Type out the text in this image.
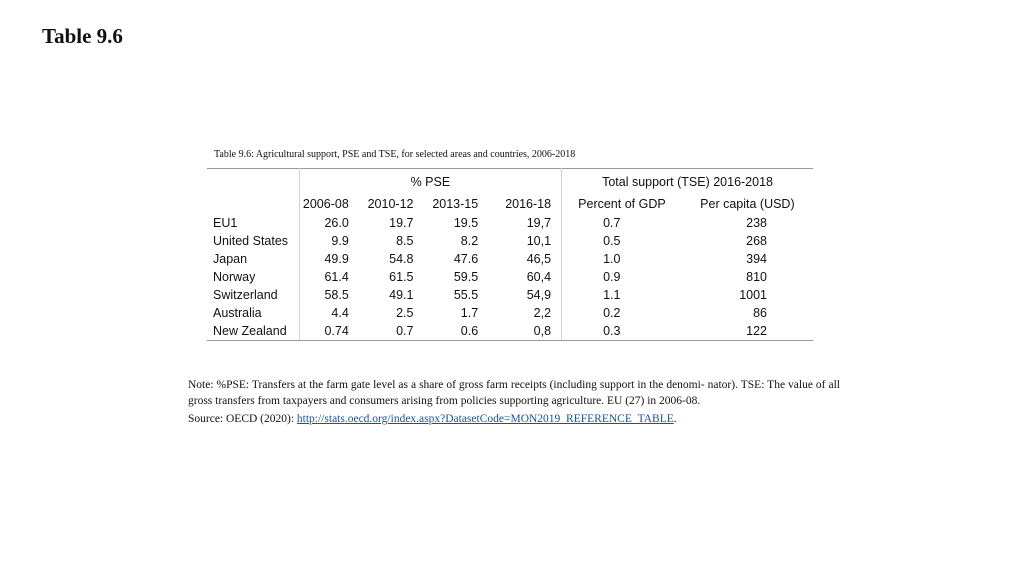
Table 9.6
Table 9.6: Agricultural support, PSE and TSE, for selected areas and countries, 2006-2018
	% PSE				Total support (TSE) 2016-2018	
	2006-08	2010-12	2013-15	2016-18	Percent of GDP	Per capita (USD)
EU1	26.0	19.7	19.5	19,7	0.7	238
United States	9.9	8.5	8.2	10,1	0.5	268
Japan	49.9	54.8	47.6	46,5	1.0	394
Norway	61.4	61.5	59.5	60,4	0.9	810
Switzerland	58.5	49.1	55.5	54,9	1.1	1001
Australia	4.4	2.5	1.7	2,2	0.2	86
New Zealand	0.74	0.7	0.6	0,8	0.3	122
Note: %PSE: Transfers at the farm gate level as a share of gross farm receipts (including support in the denomi- nator). TSE: The value of all gross transfers from taxpayers and consumers arising from policies supporting agriculture. EU (27) in 2006-08.
Source: OECD (2020): http://stats.oecd.org/index.aspx?DatasetCode=MON2019_REFERENCE_TABLE.
